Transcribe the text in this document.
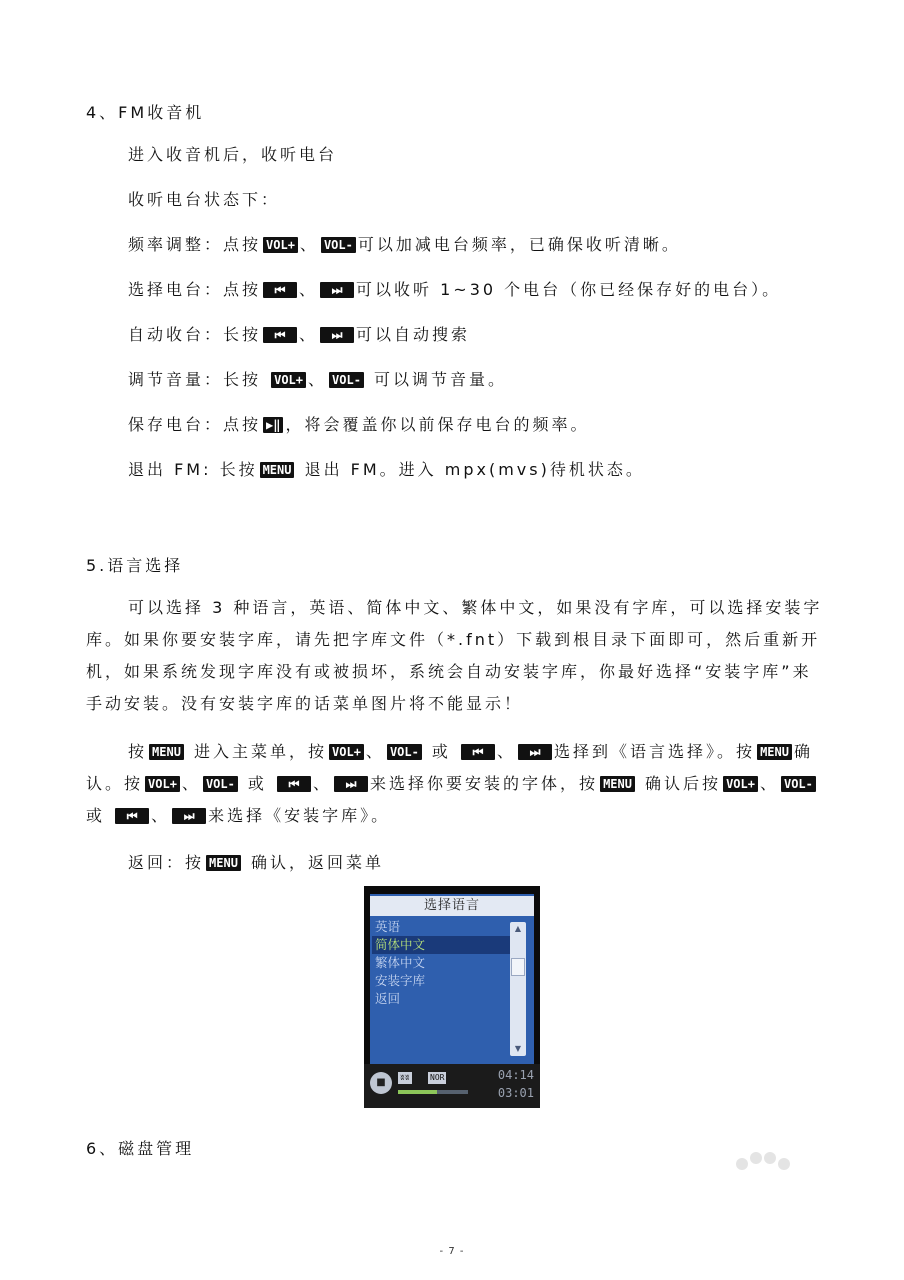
4、FM收音机
进入收音机后，收听电台
收听电台状态下：
频率调整：点按 VOL+ 、 VOL- 可以加减电台频率，已确保收听清晰。
选择电台：点按 ⏮ 、 ⏭ 可以收听 1~30 个电台（你已经保存好的电台）。
自动收台：长按 ⏮ 、 ⏭ 可以自动搜索
调节音量：长按 VOL+ 、 VOL- 可以调节音量。
保存电台：点按 ▶‖ ，将会覆盖你以前保存电台的频率。
退出 FM: 长按 MENU 退出 FM。进入 mpx(mvs)待机状态。
5.语言选择
可以选择 3 种语言，英语、简体中文、繁体中文，如果没有字库，可以选择安装字库。如果你要安装字库，请先把字库文件（*.fnt）下载到根目录下面即可，然后重新开机，如果系统发现字库没有或被损坏，系统会自动安装字库，你最好选择“安装字库”来手动安装。没有安装字库的话菜单图片将不能显示！
按 MENU 进入主菜单，按 VOL+ 、 VOL- 或 ⏮ 、 ⏭ 选择到《语言选择》。按 MENU 确认。按 VOL+ 、 VOL- 或 ⏮ 、 ⏭ 来选择你要安装的字体，按 MENU 确认后按 VOL+ 、 VOL- 或 ⏮ 、 ⏭ 来选择《安装字库》。
返回：按 MENU 确认，返回菜单
选择语言
英语
简体中文
繁体中文
安装字库
返回
▲
▼
■	ʬʬ	NOR	04:14
03:01
6、磁盘管理
- 7 -
